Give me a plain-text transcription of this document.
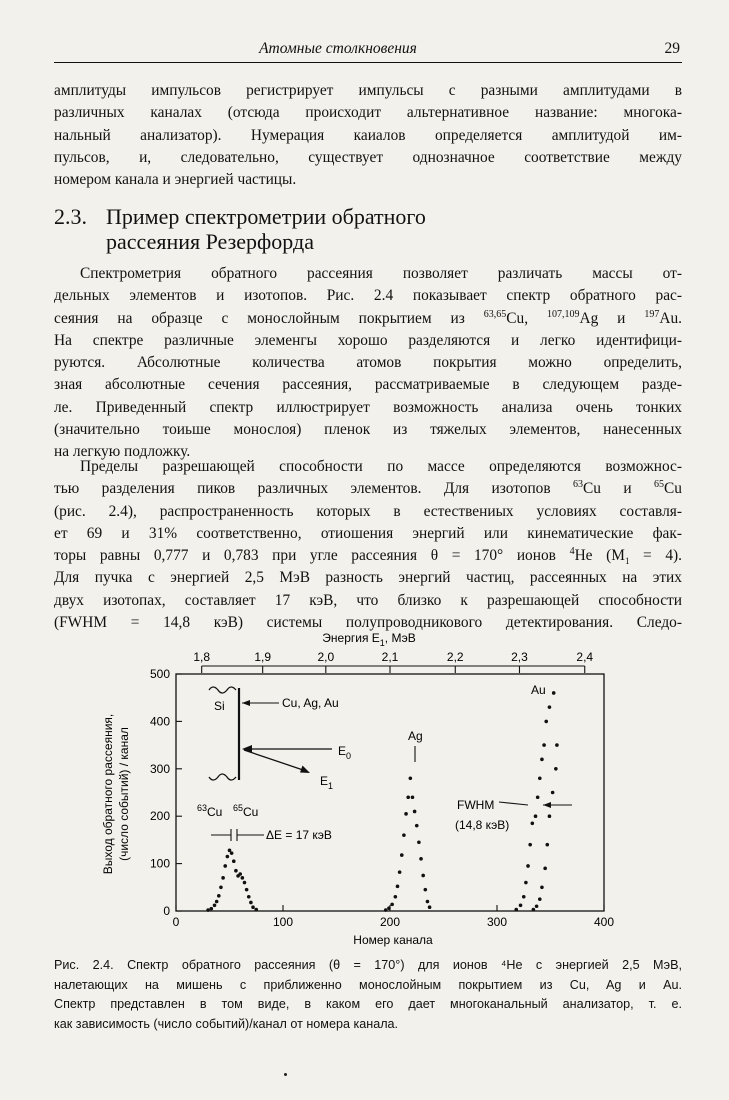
Атомные столкновения	29
амплитуды импульсов регистрирует импульсы с разными амплитудами в
различных каналах (отсюда происходит альтернативное название: многока-
нальный анализатор). Нумерация каиалов определяется амплитудой им-
пульсов, и, следовательно, существует однозначное соответствие между
номером канала и энергией частицы.
2.3. Пример спектрометрии обратного
рассеяния Резерфорда
Спектрометрия обратного рассеяния позволяет различать массы от-
дельных элементов и изотопов. Рис. 2.4 показывает спектр обратного рас-
сеяния на образце с монослойным покрытием из $^{63,65}$Cu, $^{107,109}$Ag и $^{197}$Au.
На спектре различные элеменгы хорошо разделяются и легко идентифици-
руются. Абсолютные количества атомов покрытия можно определить,
зная абсолютные сечения рассеяния, рассматриваемые в следующем разде-
ле. Приведенный спектр иллюстрирует возможность анализа очень тонких
(значительно тоиьше монослоя) пленок из тяжелых элементов, нанесенных
на легкую подложку.
Пределы разрешающей способности по массе определяются возможнос-
тью разделения пиков различных элементов. Для изотопов $^{63}$Cu и $^{65}$Cu
(рис. 2.4), распространенность которых в естествениых условиях составля-
ет 69 и 31% соответственно, отиошения энергий или кинематические фак-
торы равны 0,777 и 0,783 при угле рассеяния θ = 170° ионов $^4$He $(M_1 = 4)$.
Для пучка с энергией 2,5 МэВ разность энергий частиц, рассеянных на этих
двух изотопах, составляет 17 кэВ, что близко к разрешающей способности
(FWHM = 14,8 кэВ) системы полупроводникового детектирования. Следо-
Энергия $E_1$, МэВ
1,8	1,9	2,0	2,1	2,2	2,3	2,4
0	100	200	300	400
0
100
200
300
400
500
Номер канала
Выход обратного рассеяния, (число событий) / канал
Si	Cu, Ag, Au
$E_0$
$E_1$
$^{63}$Cu $^{65}$Cu
ΔE = 17 кэВ
Ag
Au
FWHM
(14,8 кэВ)
Рис. 2.4. Спектр обратного рассеяния (θ = 170°) для ионов ⁴He с энергией 2,5 МэВ,
налетающих на мишень с приближенно монослойным покрытием из Cu, Ag и Au.
Спектр представлен в том виде, в каком его дает многоканальный анализатор, т. е.
как зависимость (число событий)/канал от номера канала.
